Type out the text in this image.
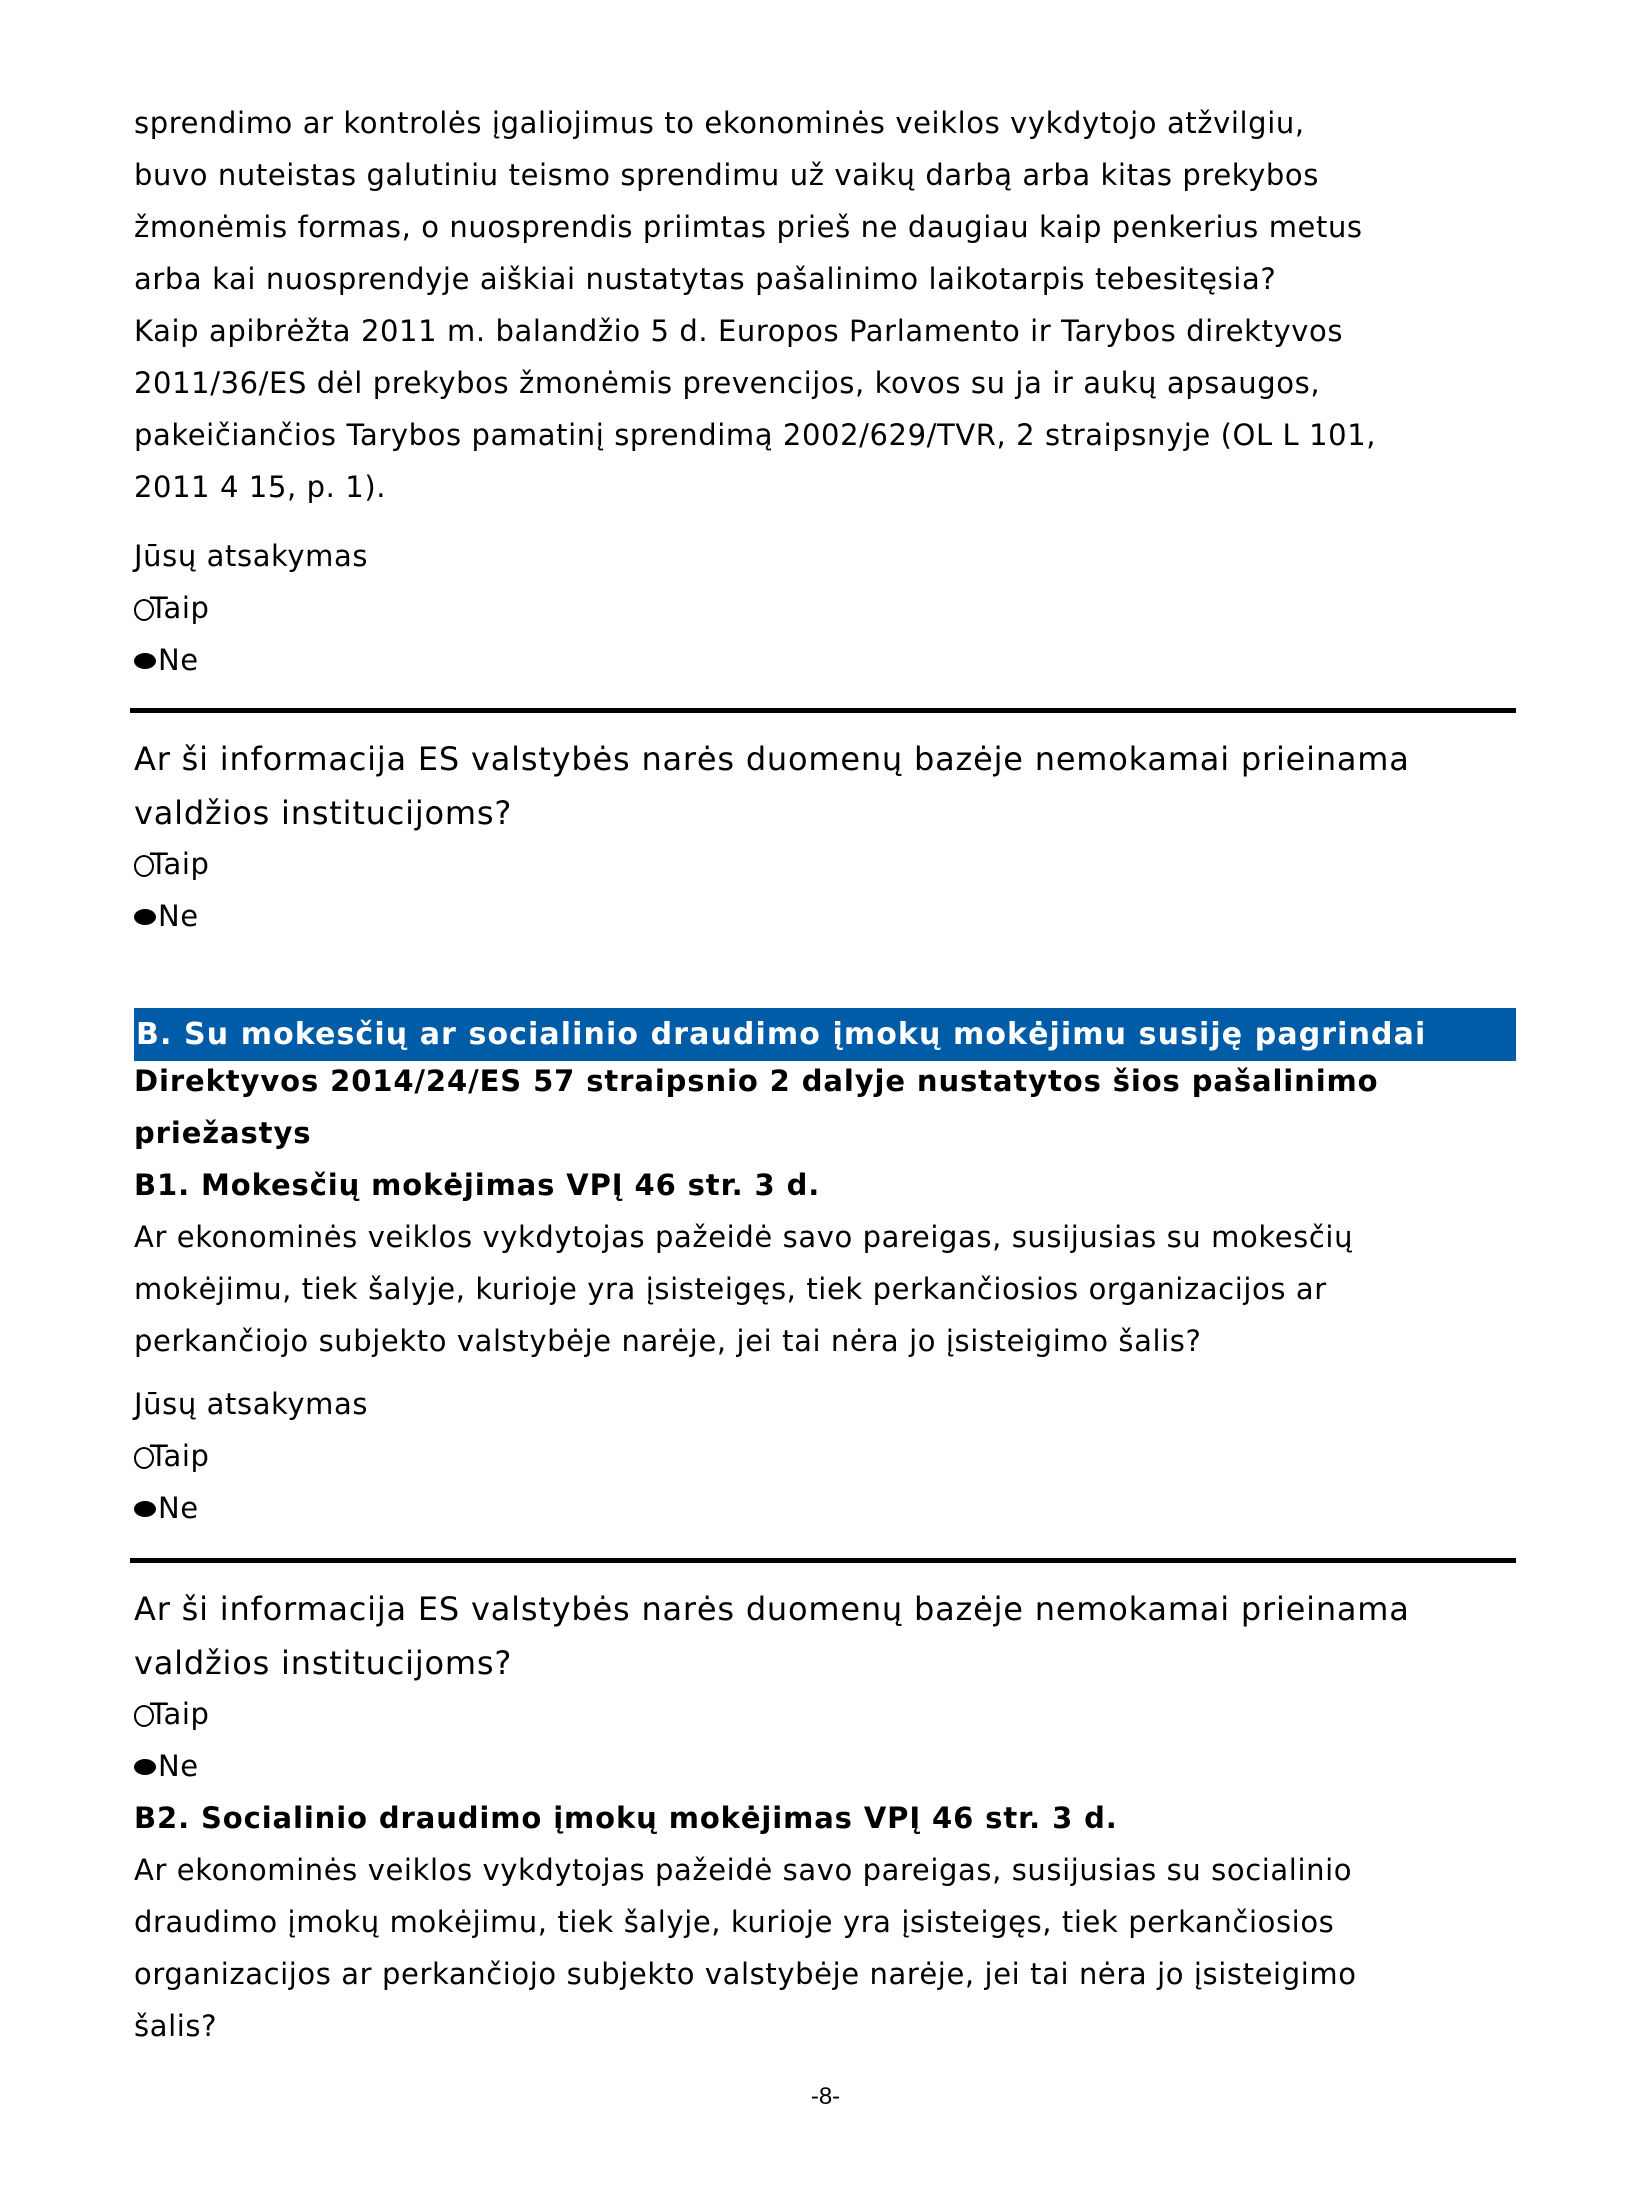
sprendimo ar kontrolės įgaliojimus to ekonominės veiklos vykdytojo atžvilgiu,

buvo nuteistas galutiniu teismo sprendimu už vaikų darbą arba kitas prekybos

žmonėmis formas, o nuosprendis priimtas prieš ne daugiau kaip penkerius metus

arba kai nuosprendyje aiškiai nustatytas pašalinimo laikotarpis tebesitęsia?

Kaip apibrėžta 2011 m. balandžio 5 d. Europos Parlamento ir Tarybos direktyvos

2011/36/ES dėl prekybos žmonėmis prevencijos, kovos su ja ir aukų apsaugos,

pakeičiančios Tarybos pamatinį sprendimą 2002/629/TVR, 2 straipsnyje (OL L 101,

2011 4 15, p. 1).

Jūsų atsakymas
Taip
Ne

Ar ši informacija ES valstybės narės duomenų bazėje nemokamai prieinama

valdžios institucijoms?

Taip
Ne
B. Su mokesčių ar socialinio draudimo įmokų mokėjimu susiję pagrindai

Direktyvos 2014/24/ES 57 straipsnio 2 dalyje nustatytos šios pašalinimo

priežastys

B1. Mokesčių mokėjimas VPĮ 46 str. 3 d.

Ar ekonominės veiklos vykdytojas pažeidė savo pareigas, susijusias su mokesčių

mokėjimu, tiek šalyje, kurioje yra įsisteigęs, tiek perkančiosios organizacijos ar

perkančiojo subjekto valstybėje narėje, jei tai nėra jo įsisteigimo šalis?

Jūsų atsakymas
Taip
Ne

Ar ši informacija ES valstybės narės duomenų bazėje nemokamai prieinama

valdžios institucijoms?

Taip
Ne

B2. Socialinio draudimo įmokų mokėjimas VPĮ 46 str. 3 d.

Ar ekonominės veiklos vykdytojas pažeidė savo pareigas, susijusias su socialinio

draudimo įmokų mokėjimu, tiek šalyje, kurioje yra įsisteigęs, tiek perkančiosios

organizacijos ar perkančiojo subjekto valstybėje narėje, jei tai nėra jo įsisteigimo

šalis?

-8-
